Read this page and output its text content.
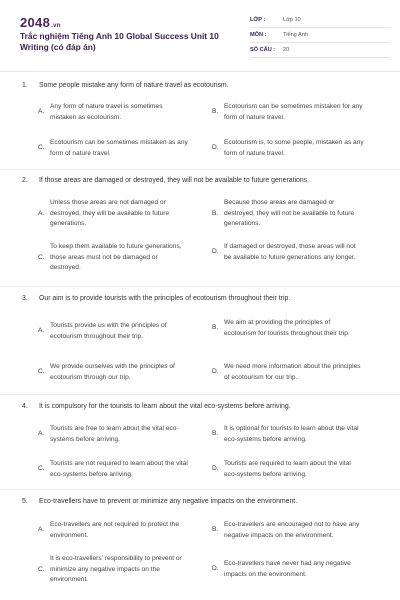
2048.vn
Trắc nghiệm Tiếng Anh 10 Global Success Unit 10 Writing (có đáp án)
LỚP :	Lớp 10
MÔN :	Tiếng Anh
SỐ CÂU :	20
1. Some people mistake any form of nature travel as ecotourism.
A.
Any form of nature travel is sometimes mistaken as ecotourism.
B.
Ecotourism can be sometimes mistaken for any form of nature travel.
C.
Ecotourism can be sometimes mistaken as any form of nature travel.
D.
Ecotourism is, to some people, mistaken as any form of nature travel.
2. If those areas are damaged or destroyed, they will not be available to future generations.
A.
Unless those areas are not damaged or destroyed, they will be available to future generations.
B.
Because those areas are damaged or destroyed, they will not be available to future generations.
C.
To keep them available to future generations, those areas must not be damaged or destroyed.
D.
If damaged or destroyed, those areas will not be available to future generations any longer.
3. Our aim is to provide tourists with the principles of ecotourism throughout their trip.
A.
Tourists provide us with the principles of ecotourism throughout their trip.
B.
We aim at providing the principles of ecotourism for tourists throughout their trip.
C.
We provide ourselves with the principles of ecotourism through our trip.
D.
We need more information about the principles of ecotourism for our trip.
4. It is compulsory for the tourists to learn about the vital eco-systems before arriving.
A.
Tourists are free to learn about the vital eco-systems before arriving.
B.
It is optional for tourists to learn about the vital eco-systems before arriving.
C.
Tourists are not required to learn about the vital eco-systems before arriving.
D.
Tourists are required to learn about the vital eco-systems before arriving.
5. Eco-travellers have to prevent or minimize any negative impacts on the environment.
A.
Eco-travellers are not required to protect the environment.
B.
Eco-travellers are encouraged not to have any negative impacts on the environment.
C.
It is eco-travellers' responsibility to prevent or minimize any negative impacts on the environment.
D.
Eco-travellers have never had any negative impacts on the environment.
